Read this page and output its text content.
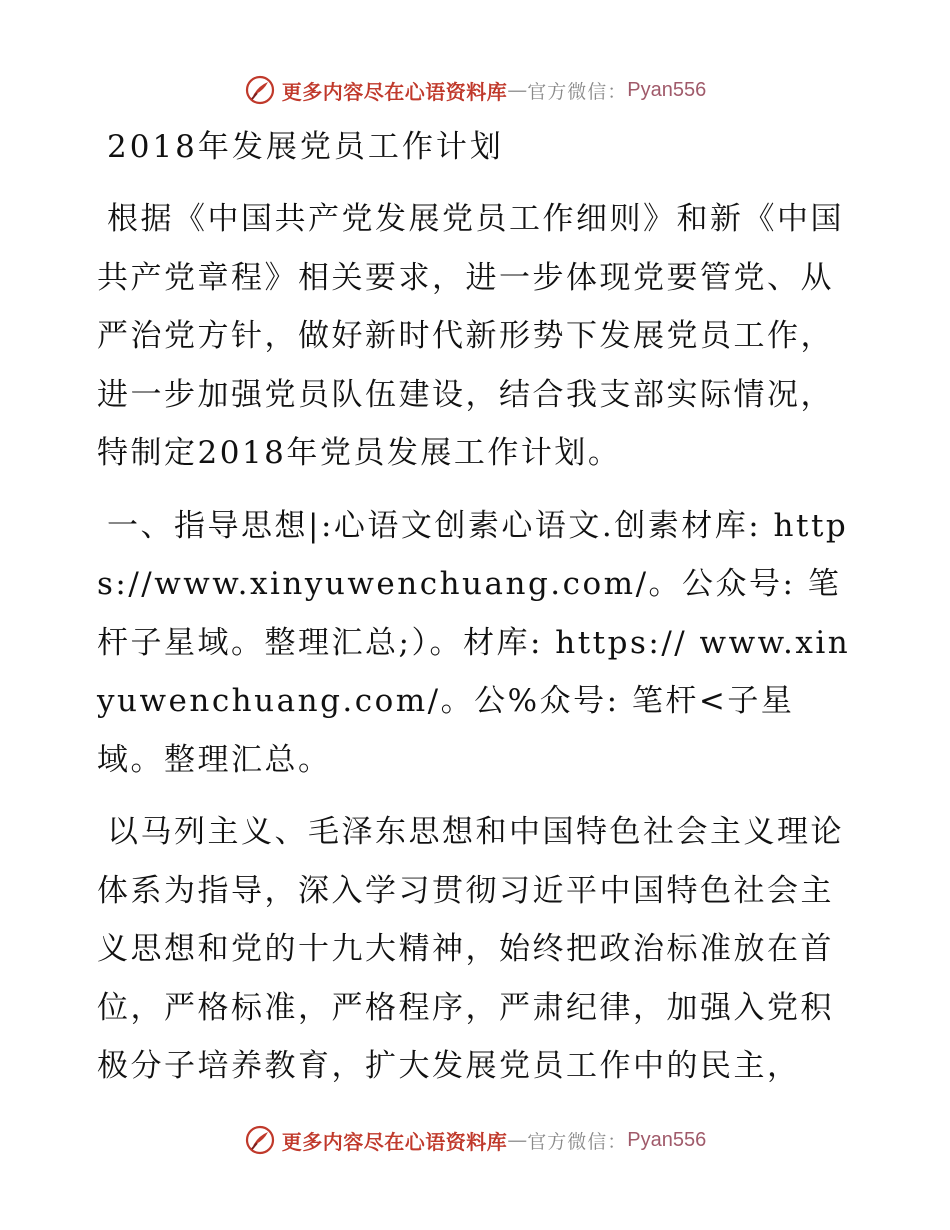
更多内容尽在心语资料库 — 官方微信： Pyan556
2018年发展党员工作计划

根据《中国共产党发展党员工作细则》和新《中国共产党章程》相关要求，进一步体现党要管党、从严治党方针，做好新时代新形势下发展党员工作，进一步加强党员队伍建设，结合我支部实际情况，特制定2018年党员发展工作计划。

一、指导思想|:心语文创素心语文.创素材库: https://www.xinyuwenchuang.com/。公众号: 笔杆子星域。整理汇总;）。材库: https:// www.xinyuwenchuang.com/。公%众号: 笔杆<子星域。整理汇总。

以马列主义、毛泽东思想和中国特色社会主义理论体系为指导，深入学习贯彻习近平中国特色社会主义思想和党的十九大精神，始终把政治标准放在首位，严格标准，严格程序，严肃纪律，加强入党积极分子培养教育，扩大发展党员工作中的民主，

更多内容尽在心语资料库 — 官方微信： Pyan556
